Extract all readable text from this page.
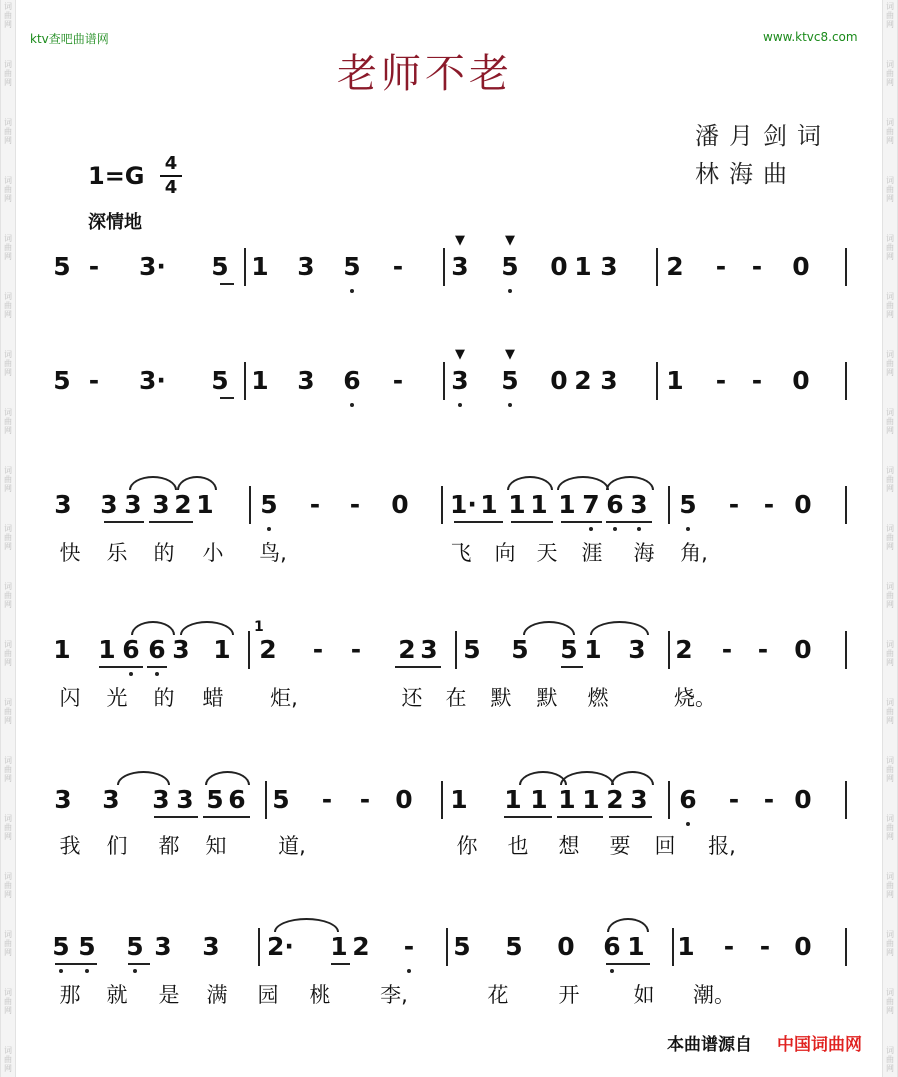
词
曲
网
词
曲
网
词
曲
网
词
曲
网
词
曲
网
词
曲
网
词
曲
网
词
曲
网
词
曲
网
词
曲
网
词
曲
网
词
曲
网
词
曲
网
词
曲
网
词
曲
网
词
曲
网
词
曲
网
词
曲
网
词
曲
网
词
曲
网
词
曲
网
词
曲
网
词
曲
网
词
曲
网
词
曲
网
词
曲
网
词
曲
网
词
曲
网
词
曲
网
词
曲
网
词
曲
网
词
曲
网
词
曲
网
词
曲
网
词
曲
网
词
曲
网
词
曲
网
词
曲
网
ktv查吧曲谱网	www.ktvc8.com
老师不老
潘月剑词
林海曲
1=G 4
4
深情地
5 -	3· 5 1 3 5	-	3 5 0 1 3 2	-	-	0
▼	▼
5 -	3· 5 1 3 6	-	3 5 0 2 3 1	-	-	0
▼	▼
3 3 3 3 2 1 5	-	-	0 1· 1 1 1 1 7 6 3 5	- - 0
快	乐	的	小	鸟,	飞	向	天	涯	海	角,
1 1 6 6 3 1 2	-	-	2 3 5 5 5 1 3 2	-	-	0
1
闪	光	的	蜡	炬,	还	在	默	默	燃	烧。
3 3 3 3 5 6 5	-	-	0 1 1 1 1 1 2 3 6	- - 0
我	们	都	知	道,	你	也	想	要	回	报,
5 5 5 3 3 2· 1 2	-	5 5 0 6 1 1	-	- 0
那	就	是	满	园	桃	李,	花	开	如	潮。
本曲谱源自 中国词曲网
